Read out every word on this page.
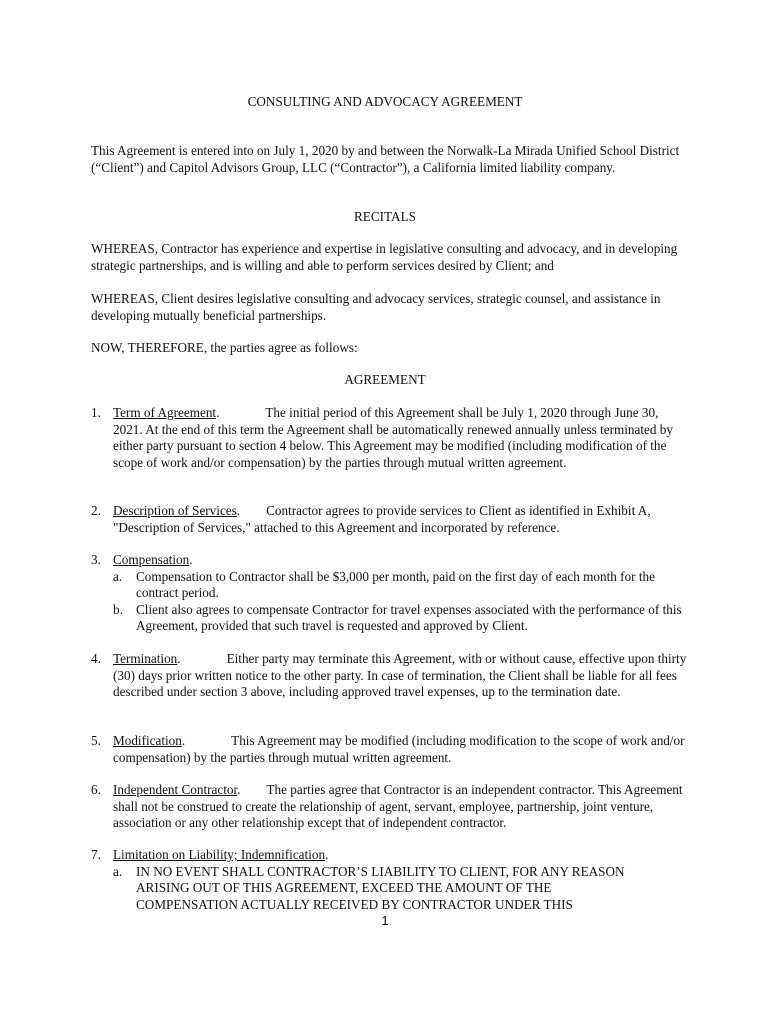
CONSULTING AND ADVOCACY AGREEMENT

This Agreement is entered into on July 1, 2020 by and between the Norwalk-La Mirada Unified School District (“Client”) and Capitol Advisors Group, LLC (“Contractor”), a California limited liability company.

RECITALS

WHEREAS, Contractor has experience and expertise in legislative consulting and advocacy, and in developing strategic partnerships, and is willing and able to perform services desired by Client; and

WHEREAS, Client desires legislative consulting and advocacy services, strategic counsel, and assistance in developing mutually beneficial partnerships.

NOW, THEREFORE, the parties agree as follows:

AGREEMENT
1. Term of Agreement.	The initial period of this Agreement shall be July 1, 2020 through June 30, 2021. At the end of this term the Agreement shall be automatically renewed annually unless terminated by either party pursuant to section 4 below. This Agreement may be modified (including modification of the scope of work and/or compensation) by the parties through mutual written agreement.
2. Description of Services. Contractor agrees to provide services to Client as identified in Exhibit A, "Description of Services," attached to this Agreement and incorporated by reference.
3. Compensation.
a. Compensation to Contractor shall be $3,000 per month, paid on the first day of each month for the contract period.
b. Client also agrees to compensate Contractor for travel expenses associated with the performance of this Agreement, provided that such travel is requested and approved by Client.
4. Termination.	Either party may terminate this Agreement, with or without cause, effective upon thirty (30) days prior written notice to the other party. In case of termination, the Client shall be liable for all fees described under section 3 above, including approved travel expenses, up to the termination date.
5. Modification.	This Agreement may be modified (including modification to the scope of work and/or compensation) by the parties through mutual written agreement.
6. Independent Contractor. The parties agree that Contractor is an independent contractor. This Agreement shall not be construed to create the relationship of agent, servant, employee, partnership, joint venture, association or any other relationship except that of independent contractor.
7. Limitation on Liability; Indemnification.
a. IN NO EVENT SHALL CONTRACTOR’S LIABILITY TO CLIENT, FOR ANY REASON ARISING OUT OF THIS AGREEMENT, EXCEED THE AMOUNT OF THE COMPENSATION ACTUALLY RECEIVED BY CONTRACTOR UNDER THIS
1
